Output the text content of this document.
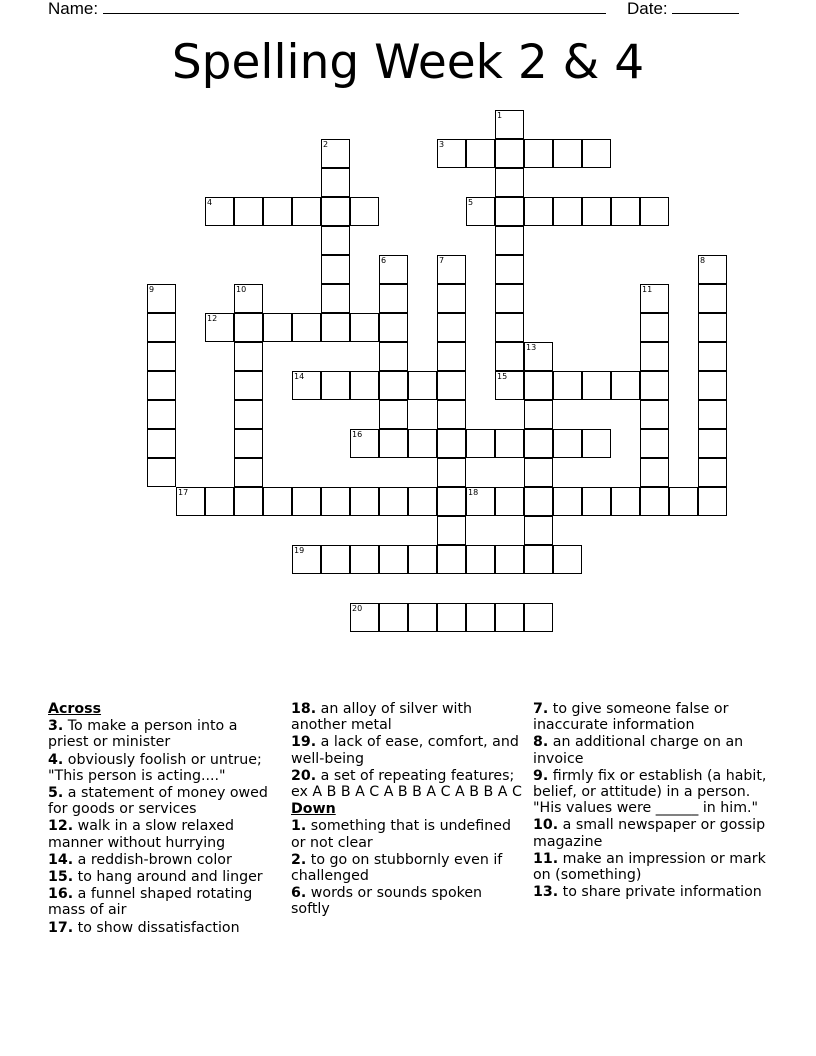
Name:	Date:
Spelling Week 2 & 4
1
2	3
4	5
6	7	8
9	10	11
12
13
14	15
16
17	18
19
20
Across
3. To make a person into a priest or minister
4. obviously foolish or untrue; "This person is acting...."
5. a statement of money owed for goods or services
12. walk in a slow relaxed manner without hurrying
14. a reddish-brown color
15. to hang around and linger
16. a funnel shaped rotating mass of air
17. to show dissatisfaction
18. an alloy of silver with another metal
19. a lack of ease, comfort, and well-being
20. a set of repeating features; ex A B B A C A B B A C A B B A C
Down
1. something that is undefined or not clear
2. to go on stubbornly even if challenged
6. words or sounds spoken softly
7. to give someone false or inaccurate information
8. an additional charge on an invoice
9. firmly fix or establish (a habit, belief, or attitude) in a person. "His values were ______ in him."
10. a small newspaper or gossip magazine
11. make an impression or mark on (something)
13. to share private information
